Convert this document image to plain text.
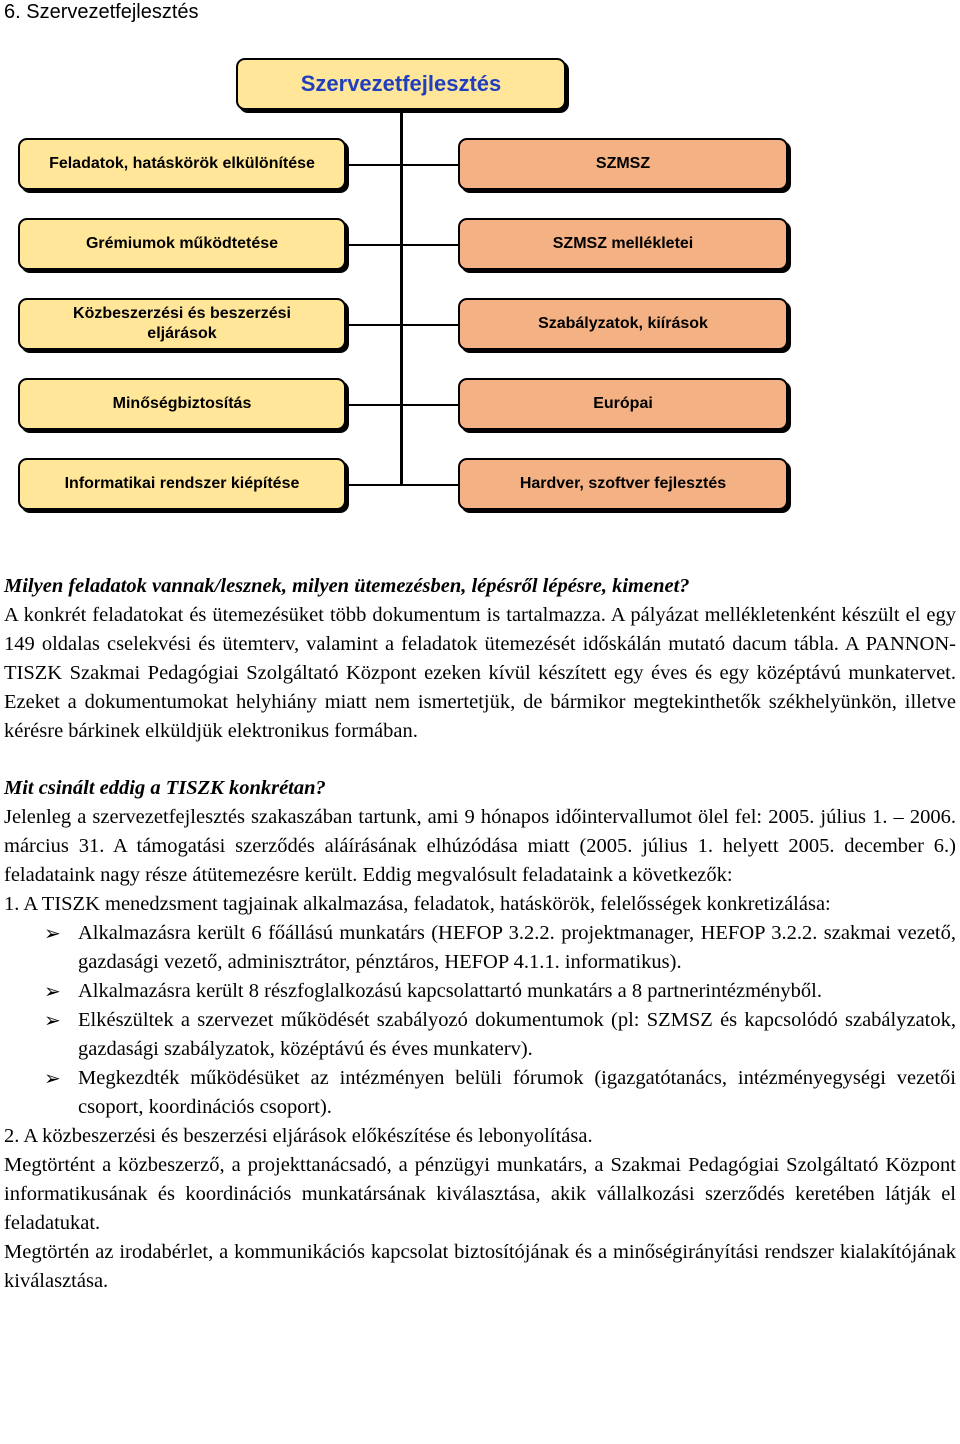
6. Szervezetfejlesztés
Szervezetfejlesztés
Feladatok, hatáskörök elkülönítése
Grémiumok működtetése
Közbeszerzési és beszerzési eljárások
Minőségbiztosítás
Informatikai rendszer kiépítése
SZMSZ
SZMSZ mellékletei
Szabályzatok, kiírások
Európai
Hardver, szoftver fejlesztés

Milyen feladatok vannak/lesznek, milyen ütemezésben, lépésről lépésre, kimenet?

A konkrét feladatokat és ütemezésüket több dokumentum is tartalmazza. A pályázat mellékletenként készült el egy 149 oldalas cselekvési és ütemterv, valamint a feladatok ütemezését időskálán mutató dacum tábla. A PANNON-TISZK Szakmai Pedagógiai Szolgáltató Központ ezeken kívül készített egy éves és egy középtávú munkatervet. Ezeket a dokumentumokat helyhiány miatt nem ismertetjük, de bármikor megtekinthetők székhelyünkön, illetve kérésre bárkinek elküldjük elektronikus formában.

Mit csinált eddig a TISZK konkrétan?

Jelenleg a szervezetfejlesztés szakaszában tartunk, ami 9 hónapos időintervallumot ölel fel: 2005. július 1. – 2006. március 31. A támogatási szerződés aláírásának elhúzódása miatt (2005. július 1. helyett 2005. december 6.) feladataink nagy része átütemezésre került. Eddig megvalósult feladataink a következők:

1. A TISZK menedzsment tagjainak alkalmazása, feladatok, hatáskörök, felelősségek konkretizálása:

➢ Alkalmazásra került 6 főállású munkatárs (HEFOP 3.2.2. projektmanager, HEFOP 3.2.2. szakmai vezető, gazdasági vezető, adminisztrátor, pénztáros, HEFOP 4.1.1. informatikus).
➢ Alkalmazásra került 8 részfoglalkozású kapcsolattartó munkatárs a 8 partnerintézményből.
➢ Elkészültek a szervezet működését szabályozó dokumentumok (pl: SZMSZ és kapcsolódó szabályzatok, gazdasági szabályzatok, középtávú és éves munkaterv).
➢ Megkezdték működésüket az intézményen belüli fórumok (igazgatótanács, intézményegységi vezetői csoport, koordinációs csoport).

2. A közbeszerzési és beszerzési eljárások előkészítése és lebonyolítása.

Megtörtént a közbeszerző, a projekttanácsadó, a pénzügyi munkatárs, a Szakmai Pedagógiai Szolgáltató Központ informatikusának és koordinációs munkatársának kiválasztása, akik vállalkozási szerződés keretében látják el feladatukat.

Megtörtén az irodabérlet, a kommunikációs kapcsolat biztosítójának és a minőségirányítási rendszer kialakítójának kiválasztása.
